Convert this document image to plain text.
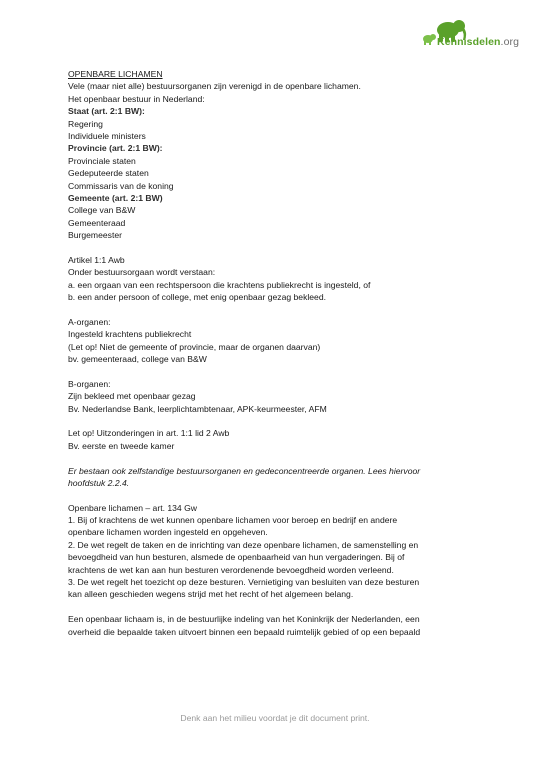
Kennisdelen.org
OPENBARE LICHAMEN
Vele (maar niet alle) bestuursorganen zijn verenigd in de openbare lichamen.
Het openbaar bestuur in Nederland:
Staat (art. 2:1 BW):
Regering
Individuele ministers
Provincie (art. 2:1 BW):
Provinciale staten
Gedeputeerde staten
Commissaris van de koning
Gemeente (art. 2:1 BW)
College van B&W
Gemeenteraad
Burgemeester
Artikel 1:1 Awb
Onder bestuursorgaan wordt verstaan:
a. een orgaan van een rechtspersoon die krachtens publiekrecht is ingesteld, of
b. een ander persoon of college, met enig openbaar gezag bekleed.
A-organen:
Ingesteld krachtens publiekrecht
(Let op! Niet de gemeente of provincie, maar de organen daarvan)
bv. gemeenteraad, college van B&W
B-organen:
Zijn bekleed met openbaar gezag
Bv. Nederlandse Bank, leerplichtambtenaar, APK-keurmeester, AFM
Let op! Uitzonderingen in art. 1:1 lid 2 Awb
Bv. eerste en tweede kamer
Er bestaan ook zelfstandige bestuursorganen en gedeconcentreerde organen. Lees hiervoor
hoofdstuk 2.2.4.
Openbare lichamen – art. 134 Gw
1. Bij of krachtens de wet kunnen openbare lichamen voor beroep en bedrijf en andere
openbare lichamen worden ingesteld en opgeheven.
2. De wet regelt de taken en de inrichting van deze openbare lichamen, de samenstelling en
bevoegdheid van hun besturen, alsmede de openbaarheid van hun vergaderingen. Bij of
krachtens de wet kan aan hun besturen verordenende bevoegdheid worden verleend.
3. De wet regelt het toezicht op deze besturen. Vernietiging van besluiten van deze besturen
kan alleen geschieden wegens strijd met het recht of het algemeen belang.
Een openbaar lichaam is, in de bestuurlijke indeling van het Koninkrijk der Nederlanden, een
overheid die bepaalde taken uitvoert binnen een bepaald ruimtelijk gebied of op een bepaald
Denk aan het milieu voordat je dit document print.
